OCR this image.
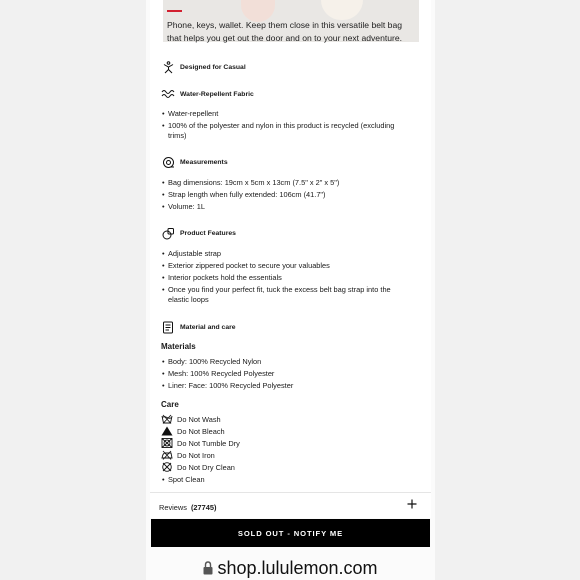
Phone, keys, wallet. Keep them close in this versatile belt bag that helps you get out the door and on to your next adventure.
Designed for Casual
Water-Repellent Fabric
• Water-repellent
• 100% of the polyester and nylon in this product is recycled (excluding trims)
Measurements
• Bag dimensions: 19cm x 5cm x 13cm (7.5" x 2" x 5")
• Strap length when fully extended: 106cm (41.7")
• Volume: 1L
Product Features
• Adjustable strap
• Exterior zippered pocket to secure your valuables
• Interior pockets hold the essentials
• Once you find your perfect fit, tuck the excess belt bag strap into the elastic loops
Material and care
Materials
• Body: 100% Recycled Nylon
• Mesh: 100% Recycled Polyester
• Liner: Face: 100% Recycled Polyester
Care
Do Not Wash
Do Not Bleach
Do Not Tumble Dry
Do Not Iron
Do Not Dry Clean
• Spot Clean
Reviews (27745)
SOLD OUT - NOTIFY ME
shop.lululemon.com
